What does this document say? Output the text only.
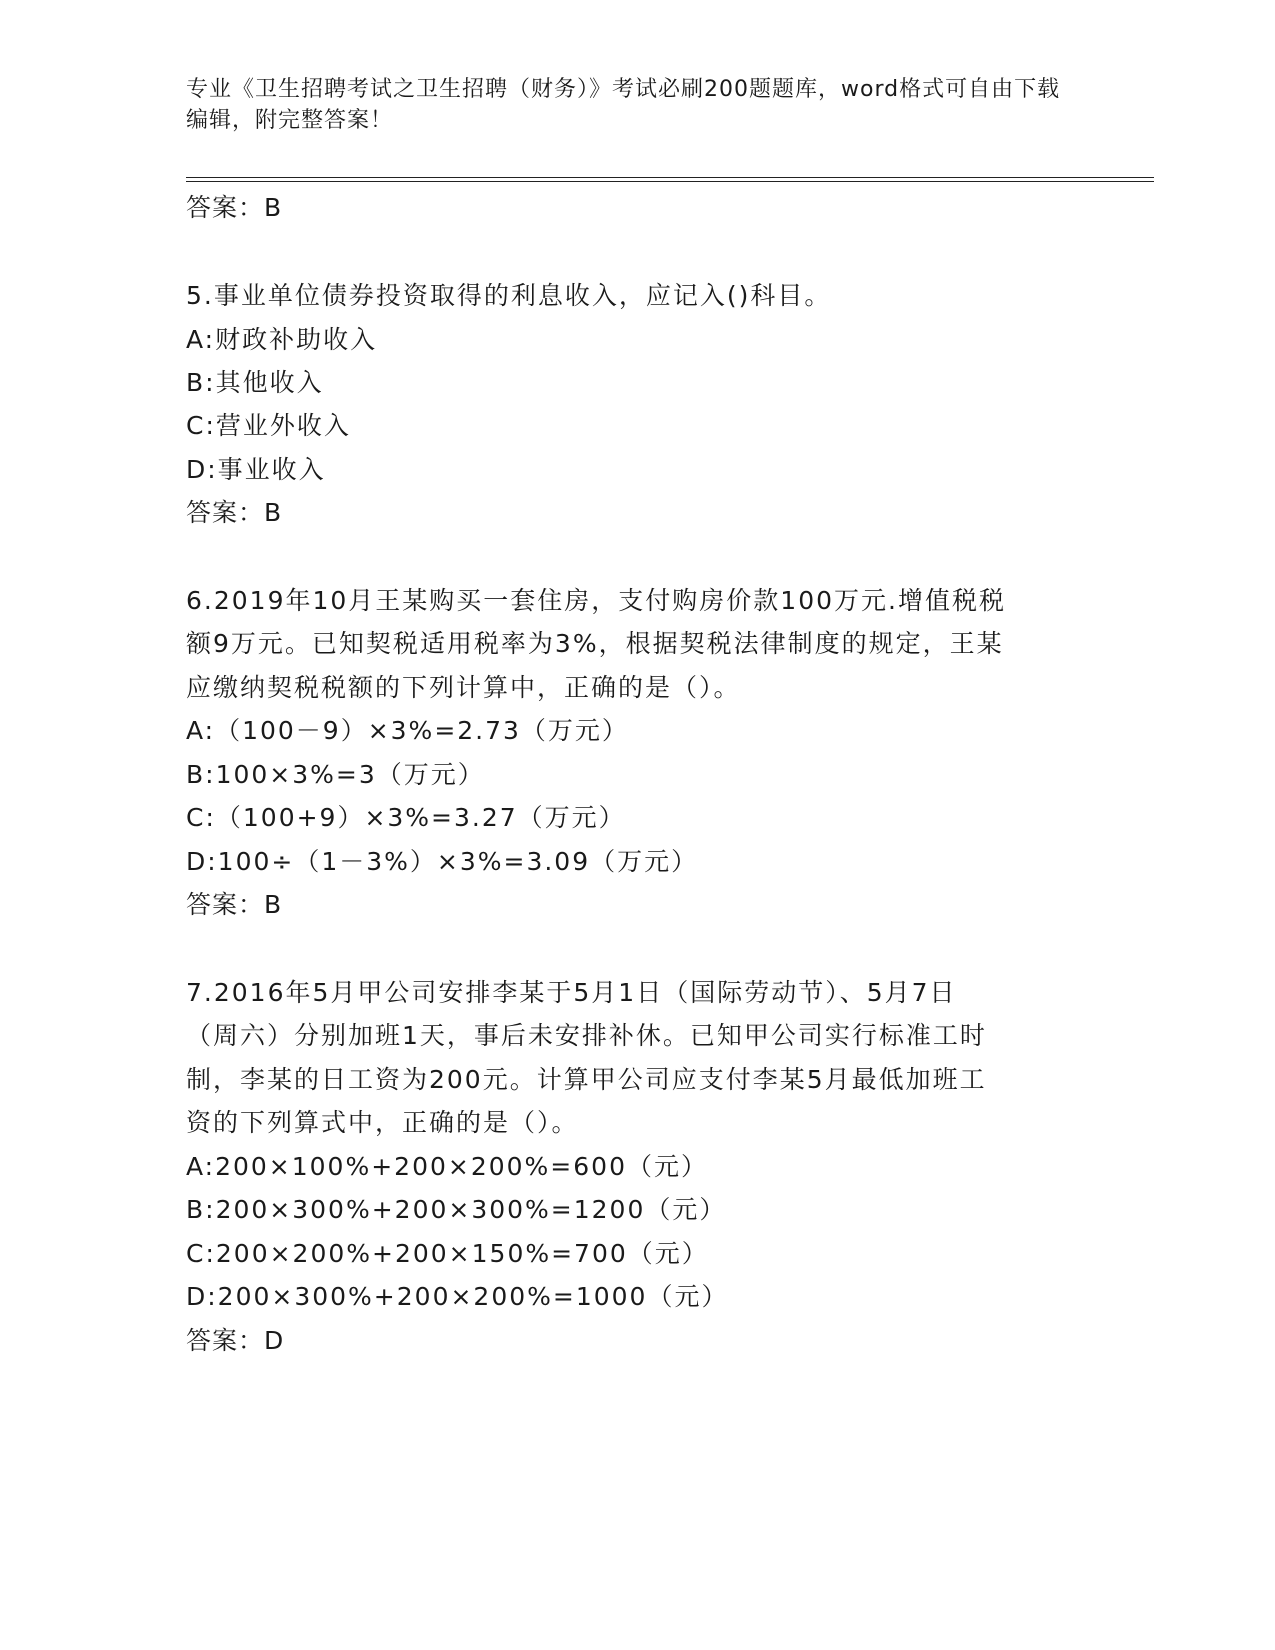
专业《卫生招聘考试之卫生招聘（财务）》考试必刷200题题库，word格式可自由下载编辑，附完整答案！
答案：B
5.事业单位债券投资取得的利息收入，应记入()科目。
A:财政补助收入
B:其他收入
C:营业外收入
D:事业收入
答案：B
6.2019年10月王某购买一套住房，支付购房价款100万元.增值税税
额9万元。已知契税适用税率为3%，根据契税法律制度的规定，王某
应缴纳契税税额的下列计算中，正确的是（）。
A:（100－9）×3%=2.73（万元）
B:100×3%=3（万元）
C:（100+9）×3%=3.27（万元）
D:100÷（1－3%）×3%=3.09（万元）
答案：B
7.2016年5月甲公司安排李某于5月1日（国际劳动节）、5月7日
（周六）分别加班1天，事后未安排补休。已知甲公司实行标准工时
制，李某的日工资为200元。计算甲公司应支付李某5月最低加班工
资的下列算式中，正确的是（）。
A:200×100%+200×200%=600（元）
B:200×300%+200×300%=1200（元）
C:200×200%+200×150%=700（元）
D:200×300%+200×200%=1000（元）
答案：D
